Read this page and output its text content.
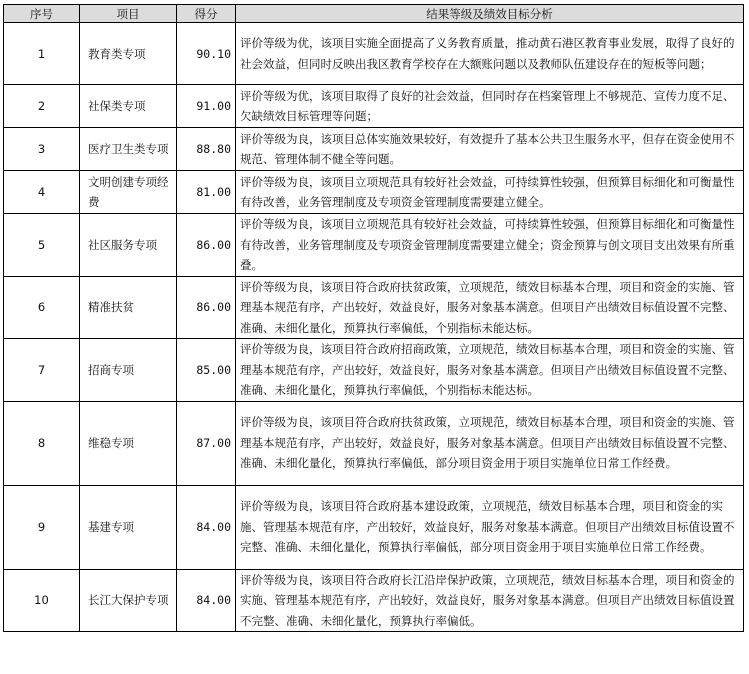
序号	项目	得分	结果等级及绩效目标分析
1	教育类专项	90.10	评价等级为优，该项目实施全面提高了义务教育质量，推动黄石港区教育事业发展，取得了良好的社会效益，但同时反映出我区教育学校存在大额账问题以及教师队伍建设存在的短板等问题；
2	社保类专项	91.00	评价等级为优，该项目取得了良好的社会效益，但同时存在档案管理上不够规范、宣传力度不足、欠缺绩效目标管理等问题；
3	医疗卫生类专项	88.80	评价等级为良，该项目总体实施效果较好，有效提升了基本公共卫生服务水平，但存在资金使用不规范、管理体制不健全等问题。
4	文明创建专项经费	81.00	评价等级为良，该项目立项规范具有较好社会效益，可持续算性较强，但预算目标细化和可衡量性有待改善，业务管理制度及专项资金管理制度需要建立健全。
5	社区服务专项	86.00	评价等级为良，该项目立项规范具有较好社会效益，可持续算性较强，但预算目标细化和可衡量性有待改善，业务管理制度及专项资金管理制度需要建立健全；资金预算与创文项目支出效果有所重叠。
6	精准扶贫	86.00	评价等级为良，该项目符合政府扶贫政策，立项规范，绩效目标基本合理，项目和资金的实施、管理基本规范有序，产出较好，效益良好，服务对象基本满意。但项目产出绩效目标值设置不完整、准确、未细化量化，预算执行率偏低，个别指标未能达标。
7	招商专项	85.00	评价等级为良，该项目符合政府招商政策，立项规范，绩效目标基本合理，项目和资金的实施、管理基本规范有序，产出较好，效益良好，服务对象基本满意。但项目产出绩效目标值设置不完整、准确、未细化量化，预算执行率偏低，个别指标未能达标。
8	维稳专项	87.00	评价等级为良，该项目符合政府扶贫政策，立项规范，绩效目标基本合理，项目和资金的实施、管理基本规范有序，产出较好，效益良好，服务对象基本满意。但项目产出绩效目标值设置不完整、准确、未细化量化，预算执行率偏低，部分项目资金用于项目实施单位日常工作经费。
9	基建专项	84.00	评价等级为良，该项目符合政府基本建设政策，立项规范，绩效目标基本合理，项目和资金的实施、管理基本规范有序，产出较好，效益良好，服务对象基本满意。但项目产出绩效目标值设置不完整、准确、未细化量化，预算执行率偏低，部分项目资金用于项目实施单位日常工作经费。
10	长江大保护专项	84.00	评价等级为良，该项目符合政府长江沿岸保护政策，立项规范，绩效目标基本合理，项目和资金的实施、管理基本规范有序，产出较好，效益良好，服务对象基本满意。但项目产出绩效目标值设置不完整、准确、未细化量化，预算执行率偏低。
